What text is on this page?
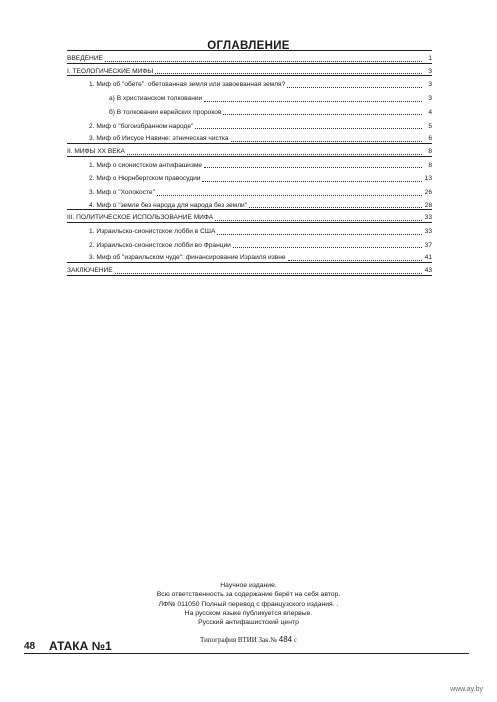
ОГЛАВЛЕНИЕ
ВВЕДЕНИЕ	1
I. ТЕОЛОГИЧЕСКИЕ МИФЫ	3
1. Миф об "обете": обетованная земля или завоеванная земля?	3
а) В христианском толковании	3
б) В толковании еврейских пророков	4
2. Миф о "богоизбранном народе"	5
3. Миф об Иисусе Навине: этническая чистка	6
II. МИФЫ ХХ ВЕКА	8
1. Миф о сионистском антифашизме	8
2. Миф о Нюрнбергском правосудии	13
3. Миф о "Холокосте"	26
4. Миф о "земле без народа для народа без земли"	28
III. ПОЛИТИЧЕСКОЕ ИСПОЛЬЗОВАНИЕ МИФА	33
1. Израильско-сионистское лобби в США	33
2. Израильско-сионистское лобби во Франции	37
3. Миф об "израильском чуде": финансирование Израиля извне	41
ЗАКЛЮЧЕНИЕ	43
Научное издание.
Всю ответственность за содержание берёт на себя автор.
ЛФ№ 011050 Полный перевод с французского издания. .
На русском языке публикуется впервые.
Русский антифашистский центр
Типография ВТИИ Зак.№ 484 с
48 АТАКА №1
www.ay.by
